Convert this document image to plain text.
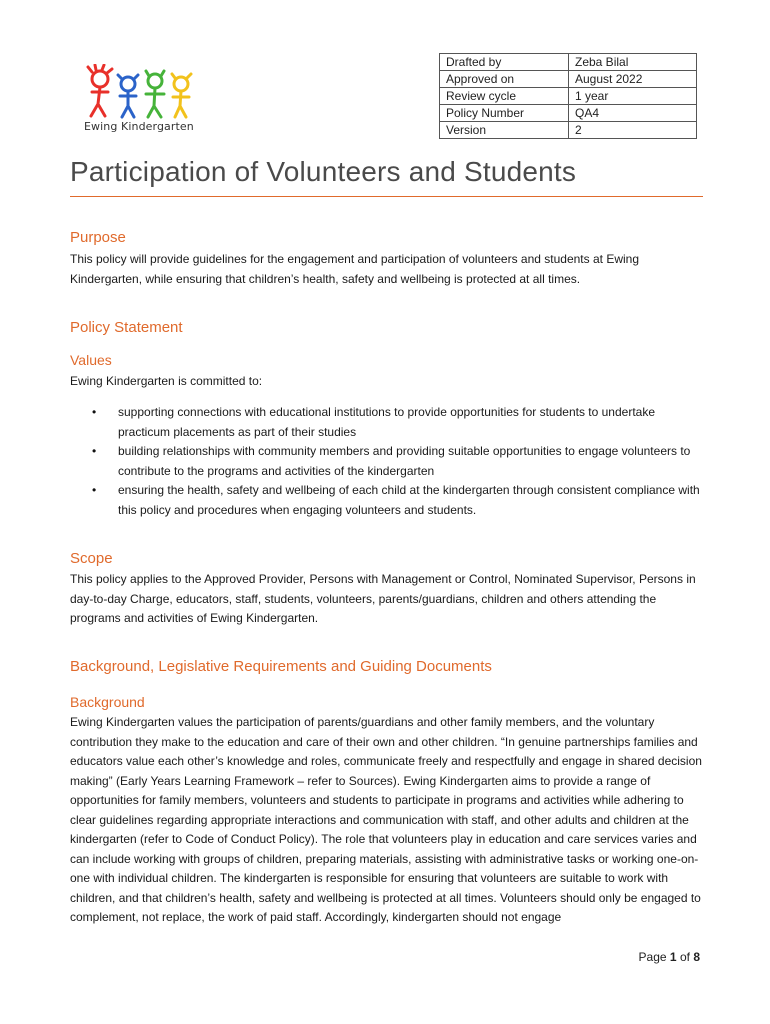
Ewing Kindergarten
Drafted by	Zeba Bilal
Approved on	August 2022
Review cycle	1 year
Policy Number	QA4
Version	2
Participation of Volunteers and Students
Purpose

This policy will provide guidelines for the engagement and participation of volunteers and students at Ewing Kindergarten, while ensuring that children’s health, safety and wellbeing is protected at all times.

Policy Statement
Values

Ewing Kindergarten is committed to:

• supporting connections with educational institutions to provide opportunities for students to undertake practicum placements as part of their studies
• building relationships with community members and providing suitable opportunities to engage volunteers to contribute to the programs and activities of the kindergarten
• ensuring the health, safety and wellbeing of each child at the kindergarten through consistent compliance with this policy and procedures when engaging volunteers and students.
Scope

This policy applies to the Approved Provider, Persons with Management or Control, Nominated Supervisor, Persons in day-to-day Charge, educators, staff, students, volunteers, parents/guardians, children and others attending the programs and activities of Ewing Kindergarten.

Background, Legislative Requirements and Guiding Documents
Background

Ewing Kindergarten values the participation of parents/guardians and other family members, and the voluntary contribution they make to the education and care of their own and other children. “In genuine partnerships families and educators value each other’s knowledge and roles, communicate freely and respectfully and engage in shared decision making” (Early Years Learning Framework – refer to Sources). Ewing Kindergarten aims to provide a range of opportunities for family members, volunteers and students to participate in programs and activities while adhering to clear guidelines regarding appropriate interactions and communication with staff, and other adults and children at the kindergarten (refer to Code of Conduct Policy). The role that volunteers play in education and care services varies and can include working with groups of children, preparing materials, assisting with administrative tasks or working one-on-one with individual children. The kindergarten is responsible for ensuring that volunteers are suitable to work with children, and that children’s health, safety and wellbeing is protected at all times. Volunteers should only be engaged to complement, not replace, the work of paid staff. Accordingly, kindergarten should not engage

Page 1 of 8
